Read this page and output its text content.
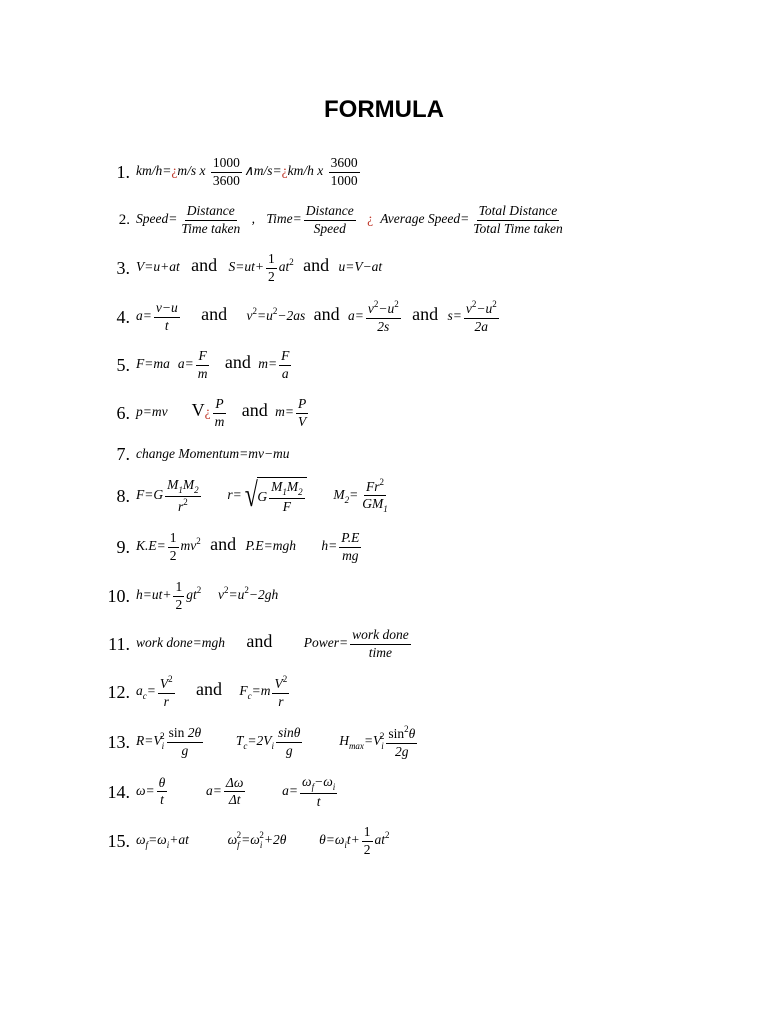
FORMULA
1. km/h=¿m/s x $\frac{1000}{3600}$ ∧m/s=¿km/h x $\frac{3600}{1000}$
2. Speed=
Distance
Time taken
, Time=
Distance
Speed
¿ Average Speed=
Total Distance
Total Time taken
3. V=u+at and $S=ut+ \frac{1}{2} at^2$ and u=V−at
4. $a= \frac{v-u}{t}$ and $v^2=u^2-2as$ and $a= \frac{v^2-u^2}{2s}$ and $s= \frac{v^2-u^2}{2a}$
5. F=ma $a= \frac{F}{m}$ and $m= \frac{F}{a}$
6. p=mv V¿ $\frac{P}{m}$ and $m= \frac{P}{V}$
7. change Momentum=mv−mu
8. $F=G \frac{M_1M_2}{r^2} r=$ √ G
$M_1M_2$
F
$M_2= \frac{Fr^2}{GM_1}$
9. $K.E= \frac{1}{2} mv^2$ and P.E=mgh $h= \frac{P.E}{mg}$
10. $h=ut+ \frac{1}{2} gt^2$  $v^2=u^2-2gh$
11. work done=mgh and Power=
work done
time
12. $a_c= \frac{V^2}{r}$ and $F_c=m \frac{V^2}{r}$
13. $R=V_i^2 \frac{\sin 2\theta}{g} T_c=2V_i \frac{\sin\theta}{g} H_{max}=V_i^2 \frac{\sin^2\theta}{2g}$
14. $\omega= \frac{\theta}{t}$	$a= \frac{\Delta\omega}{\Delta t} a= \frac{\omega_f-\omega_i}{t}$
15. $\omega_f=\omega_i+at$  $\omega_f^2=\omega_i^2+2\theta$  $\theta=\omega_it+ \frac{1}{2} at^2$
